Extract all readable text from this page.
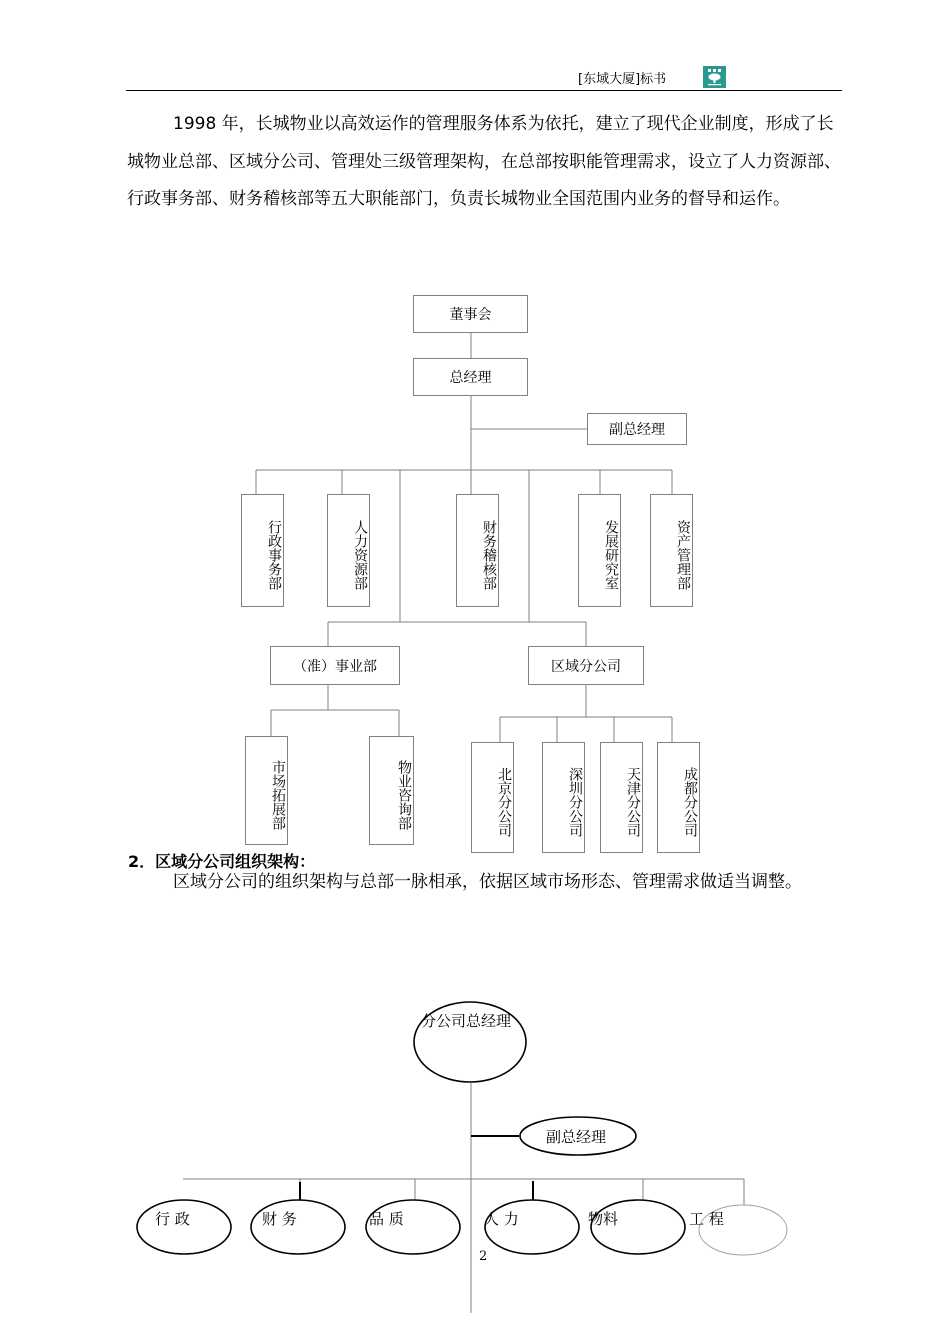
[东域大厦]标书

1998 年，长城物业以高效运作的管理服务体系为依托，建立了现代企业制度，形成了长城物业总部、区域分公司、管理处三级管理架构，在总部按职能管理需求，设立了人力资源部、行政事务部、财务稽核部等五大职能部门，负责长城物业全国范围内业务的督导和运作。

董事会
总经理
副总经理
行政事务部	人力资源部	财务稽核部	发展研究室	资产管理部
（准）事业部	区域分公司
市场拓展部	物业咨询部	北京分公司	深圳分公司	天津分公司	成都分公司
2．区域分公司组织架构：

区域分公司的组织架构与总部一脉相承，依据区域市场形态、管理需求做适当调整。

分公司总经理
副总经理
行 政	财 务	品 质	人 力	物料	工 程
2
